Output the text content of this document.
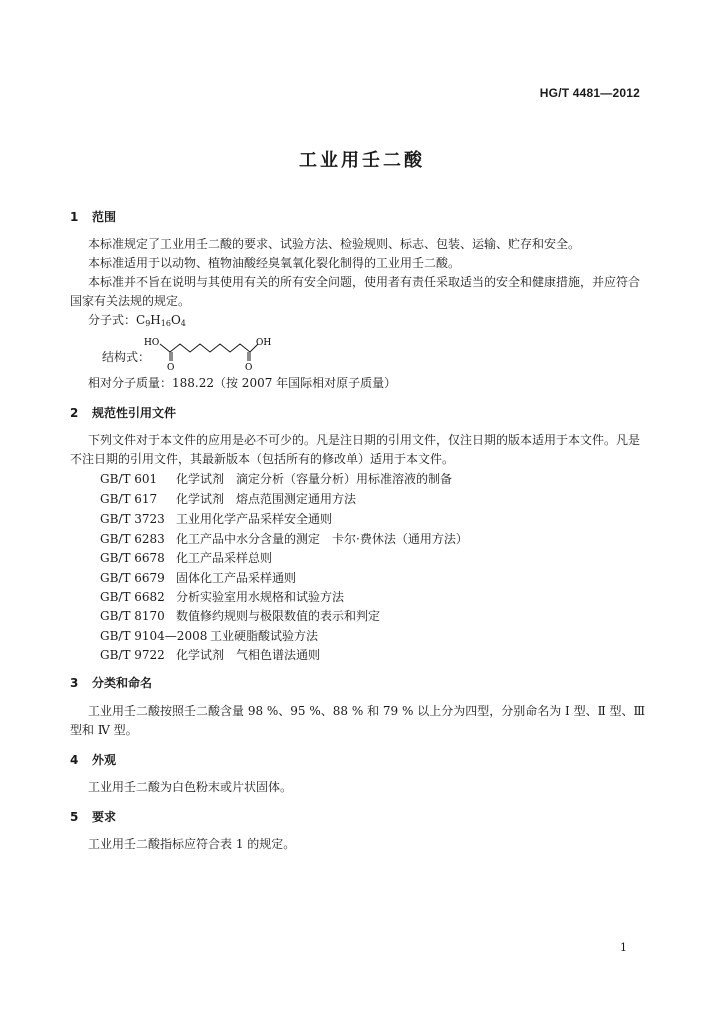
HG/T 4481—2012
工业用壬二酸
1 范围
本标准规定了工业用壬二酸的要求、试验方法、检验规则、标志、包装、运输、贮存和安全。
本标准适用于以动物、植物油酸经臭氧氧化裂化制得的工业用壬二酸。
本标准并不旨在说明与其使用有关的所有安全问题，使用者有责任采取适当的安全和健康措施，并应符合国家有关法规的规定。
分子式：C9H16O4
结构式：
HO	OH
O	O
相对分子质量：188.22（按 2007 年国际相对原子质量）
2 规范性引用文件
下列文件对于本文件的应用是必不可少的。凡是注日期的引用文件，仅注日期的版本适用于本文件。凡是不注日期的引用文件，其最新版本（包括所有的修改单）适用于本文件。
GB/T 601 化学试剂　滴定分析（容量分析）用标准溶液的制备
GB/T 617 化学试剂　熔点范围测定通用方法
GB/T 3723 工业用化学产品采样安全通则
GB/T 6283 化工产品中水分含量的测定　卡尔·费休法（通用方法）
GB/T 6678 化工产品采样总则
GB/T 6679 固体化工产品采样通则
GB/T 6682 分析实验室用水规格和试验方法
GB/T 8170 数值修约规则与极限数值的表示和判定
GB/T 9104—2008 工业硬脂酸试验方法
GB/T 9722 化学试剂　气相色谱法通则
3 分类和命名
工业用壬二酸按照壬二酸含量 98 %、95 %、88 % 和 79 % 以上分为四型，分别命名为 Ⅰ 型、Ⅱ 型、Ⅲ 型和 Ⅳ 型。
4 外观
工业用壬二酸为白色粉末或片状固体。
5 要求
工业用壬二酸指标应符合表 1 的规定。
1
